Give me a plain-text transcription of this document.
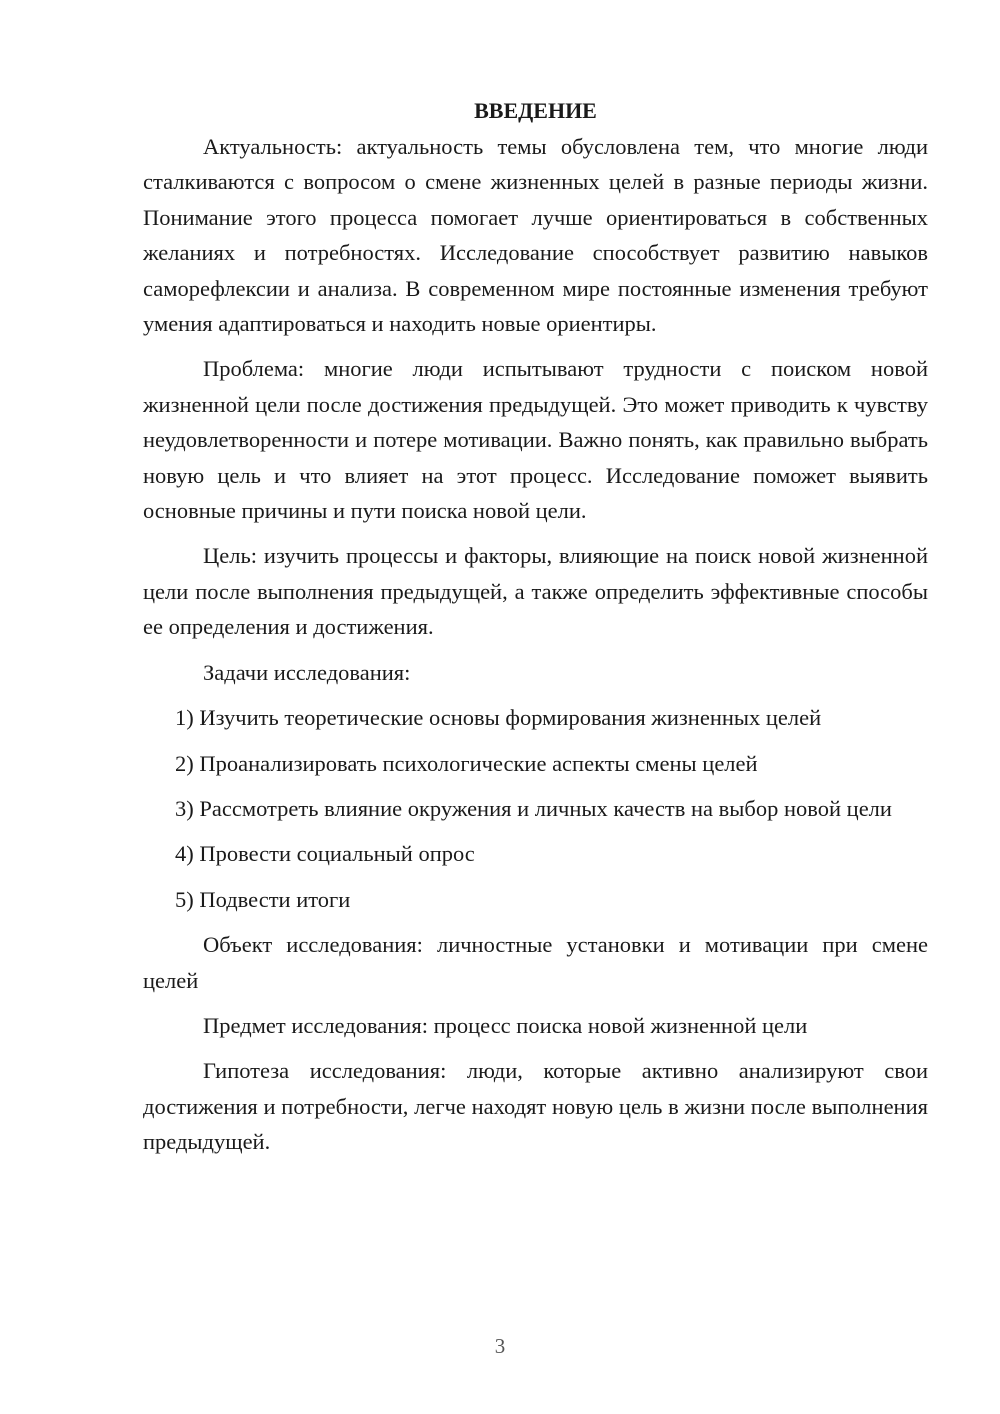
ВВЕДЕНИЕ

Актуальность: актуальность темы обусловлена тем, что многие люди сталкиваются с вопросом о смене жизненных целей в разные периоды жизни. Понимание этого процесса помогает лучше ориентироваться в собственных желаниях и потребностях. Исследование способствует развитию навыков саморефлексии и анализа. В современном мире постоянные изменения требуют умения адаптироваться и находить новые ориентиры.

Проблема: многие люди испытывают трудности с поиском новой жизненной цели после достижения предыдущей. Это может приводить к чувству неудовлетворенности и потере мотивации. Важно понять, как правильно выбрать новую цель и что влияет на этот процесс. Исследование поможет выявить основные причины и пути поиска новой цели.

Цель: изучить процессы и факторы, влияющие на поиск новой жизненной цели после выполнения предыдущей, а также определить эффективные способы ее определения и достижения.

Задачи исследования:

1) Изучить теоретические основы формирования жизненных целей

2) Проанализировать психологические аспекты смены целей

3) Рассмотреть влияние окружения и личных качеств на выбор новой цели

4) Провести социальный опрос

5) Подвести итоги

Объект исследования: личностные установки и мотивации при смене целей

Предмет исследования: процесс поиска новой жизненной цели

Гипотеза исследования: люди, которые активно анализируют свои достижения и потребности, легче находят новую цель в жизни после выполнения предыдущей.

3
